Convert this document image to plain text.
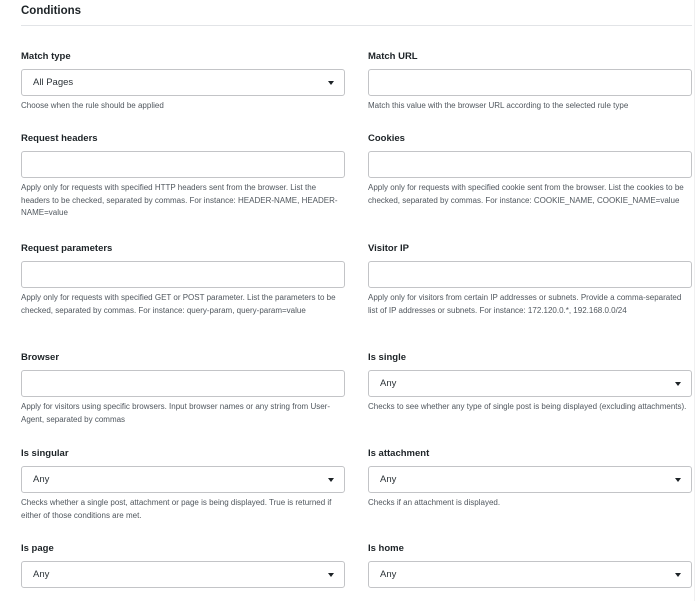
Conditions
Match type
All Pages
Choose when the rule should be applied
Match URL
Match this value with the browser URL according to the selected rule type
Request headers
Apply only for requests with specified HTTP headers sent from the browser. List the headers to be checked, separated by commas. For instance: HEADER-NAME, HEADER-NAME=value
Cookies
Apply only for requests with specified cookie sent from the browser. List the cookies to be checked, separated by commas. For instance: COOKIE_NAME, COOKIE_NAME=value
Request parameters
Apply only for requests with specified GET or POST parameter. List the parameters to be checked, separated by commas. For instance: query-param, query-param=value
Visitor IP
Apply only for visitors from certain IP addresses or subnets. Provide a comma-separated list of IP addresses or subnets. For instance: 172.120.0.*, 192.168.0.0/24
Browser
Apply for visitors using specific browsers. Input browser names or any string from User-Agent, separated by commas
Is single
Any
Checks to see whether any type of single post is being displayed (excluding attachments).
Is singular
Any
Checks whether a single post, attachment or page is being displayed. True is returned if either of those conditions are met.
Is attachment
Any
Checks if an attachment is displayed.
Is page
Any
Is home
Any
